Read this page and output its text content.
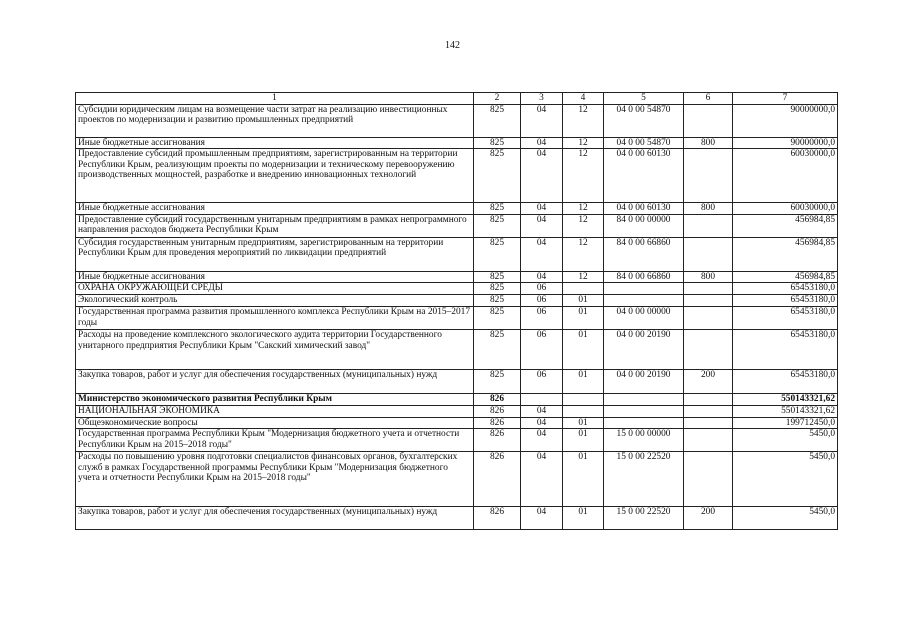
142
1	2	3	4	5	6	7
Субсидии юридическим лицам на возмещение части затрат на реализацию инвестиционных проектов по модернизации и развитию промышленных предприятий	825	04	12	04 0 00 54870		90000000,0
Иные бюджетные ассигнования	825	04	12	04 0 00 54870	800	90000000,0
Предоставление субсидий промышленным предприятиям, зарегистрированным на территории Республики Крым, реализующим проекты по модернизации и техническому перевооружению производственных мощностей, разработке и внедрению инновационных технологий	825	04	12	04 0 00 60130		60030000,0
Иные бюджетные ассигнования	825	04	12	04 0 00 60130	800	60030000,0
Предоставление субсидий государственным унитарным предприятиям в рамках непрограммного направления расходов бюджета Республики Крым	825	04	12	84 0 00 00000		456984,85
Субсидия государственным унитарным предприятиям, зарегистрированным на территории Республики Крым для проведения мероприятий по ликвидации предприятий	825	04	12	84 0 00 66860		456984,85
Иные бюджетные ассигнования	825	04	12	84 0 00 66860	800	456984,85
ОХРАНА ОКРУЖАЮЩЕЙ СРЕДЫ	825	06				65453180,0
Экологический контроль	825	06	01			65453180,0
Государственная программа развития промышленного комплекса Республики Крым на 2015–2017 годы	825	06	01	04 0 00 00000		65453180,0
Расходы на проведение комплексного экологического аудита территории Государственного унитарного предприятия Республики Крым "Сакский химический завод"	825	06	01	04 0 00 20190		65453180,0
Закупка товаров, работ и услуг для обеспечения государственных (муниципальных) нужд	825	06	01	04 0 00 20190	200	65453180,0
Министерство экономического развития Республики Крым	826					550143321,62
НАЦИОНАЛЬНАЯ ЭКОНОМИКА	826	04				550143321,62
Общеэкономические вопросы	826	04	01			199712450,0
Государственная программа Республики Крым "Модернизация бюджетного учета и отчетности Республики Крым на 2015–2018 годы"	826	04	01	15 0 00 00000		5450,0
Расходы по повышению уровня подготовки специалистов финансовых органов, бухгалтерских служб в рамках Государственной программы Республики Крым "Модернизация бюджетного учета и отчетности Республики Крым на 2015–2018 годы"	826	04	01	15 0 00 22520		5450,0
Закупка товаров, работ и услуг для обеспечения государственных (муниципальных) нужд	826	04	01	15 0 00 22520	200	5450,0
